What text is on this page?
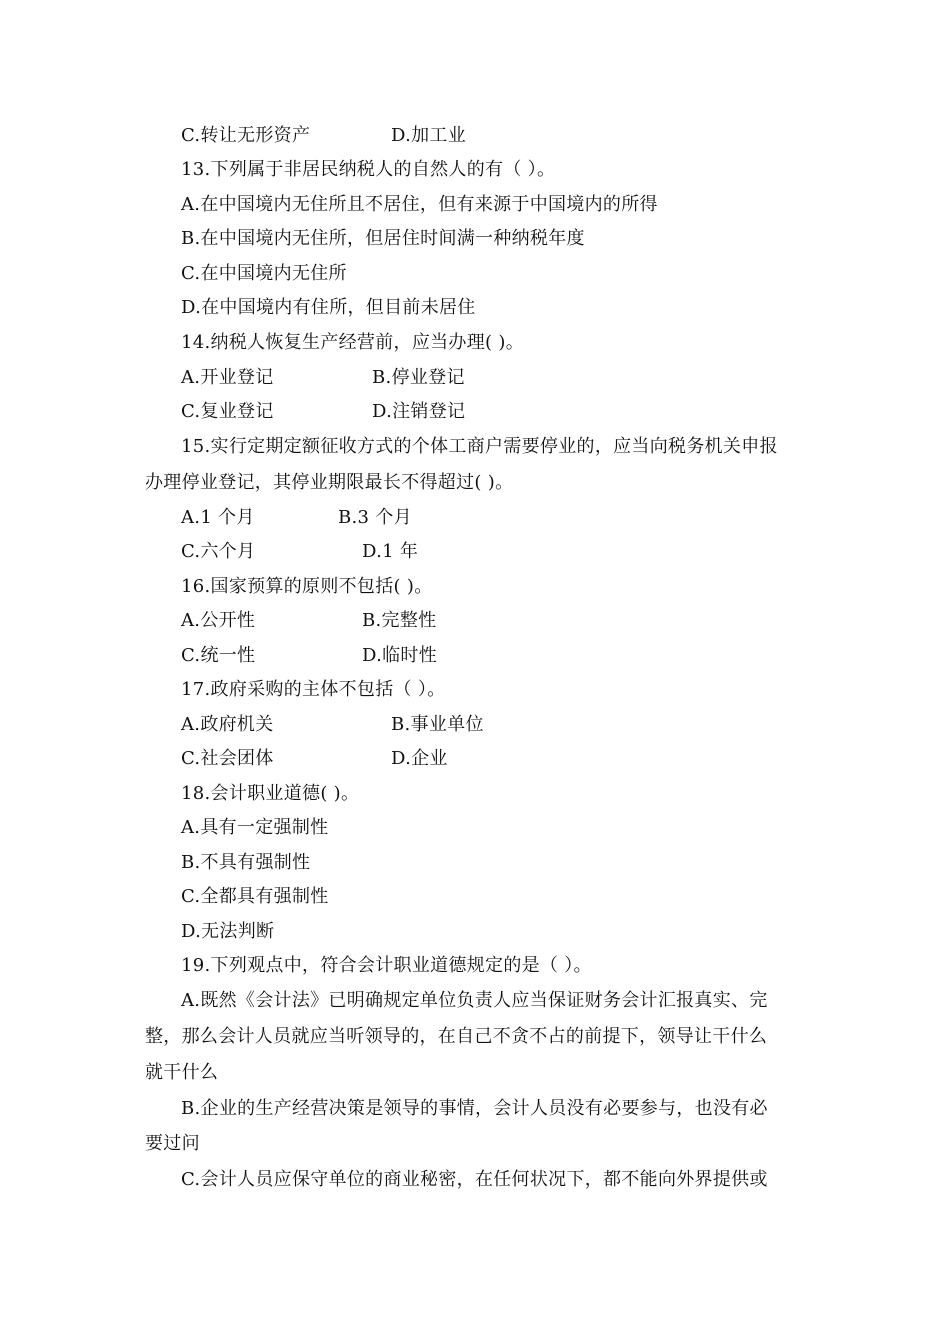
C.转让无形资产	D.加工业
13.下列属于非居民纳税人的自然人的有（ ）。
A.在中国境内无住所且不居住，但有来源于中国境内的所得
B.在中国境内无住所，但居住时间满一种纳税年度
C.在中国境内无住所
D.在中国境内有住所，但目前未居住
14.纳税人恢复生产经营前，应当办理( )。
A.开业登记	B.停业登记
C.复业登记	D.注销登记
15.实行定期定额征收方式的个体工商户需要停业的，应当向税务机关申报
办理停业登记，其停业期限最长不得超过( )。
A.1 个月	B.3 个月
C.六个月	D.1 年
16.国家预算的原则不包括( )。
A.公开性	B.完整性
C.统一性	D.临时性
17.政府采购的主体不包括（ ）。
A.政府机关	B.事业单位
C.社会团体	D.企业
18.会计职业道德( )。
A.具有一定强制性
B.不具有强制性
C.全都具有强制性
D.无法判断
19.下列观点中，符合会计职业道德规定的是（ ）。
A.既然《会计法》已明确规定单位负责人应当保证财务会计汇报真实、完
整，那么会计人员就应当听领导的，在自己不贪不占的前提下，领导让干什么
就干什么
B.企业的生产经营决策是领导的事情，会计人员没有必要参与，也没有必
要过问
C.会计人员应保守单位的商业秘密，在任何状况下，都不能向外界提供或
